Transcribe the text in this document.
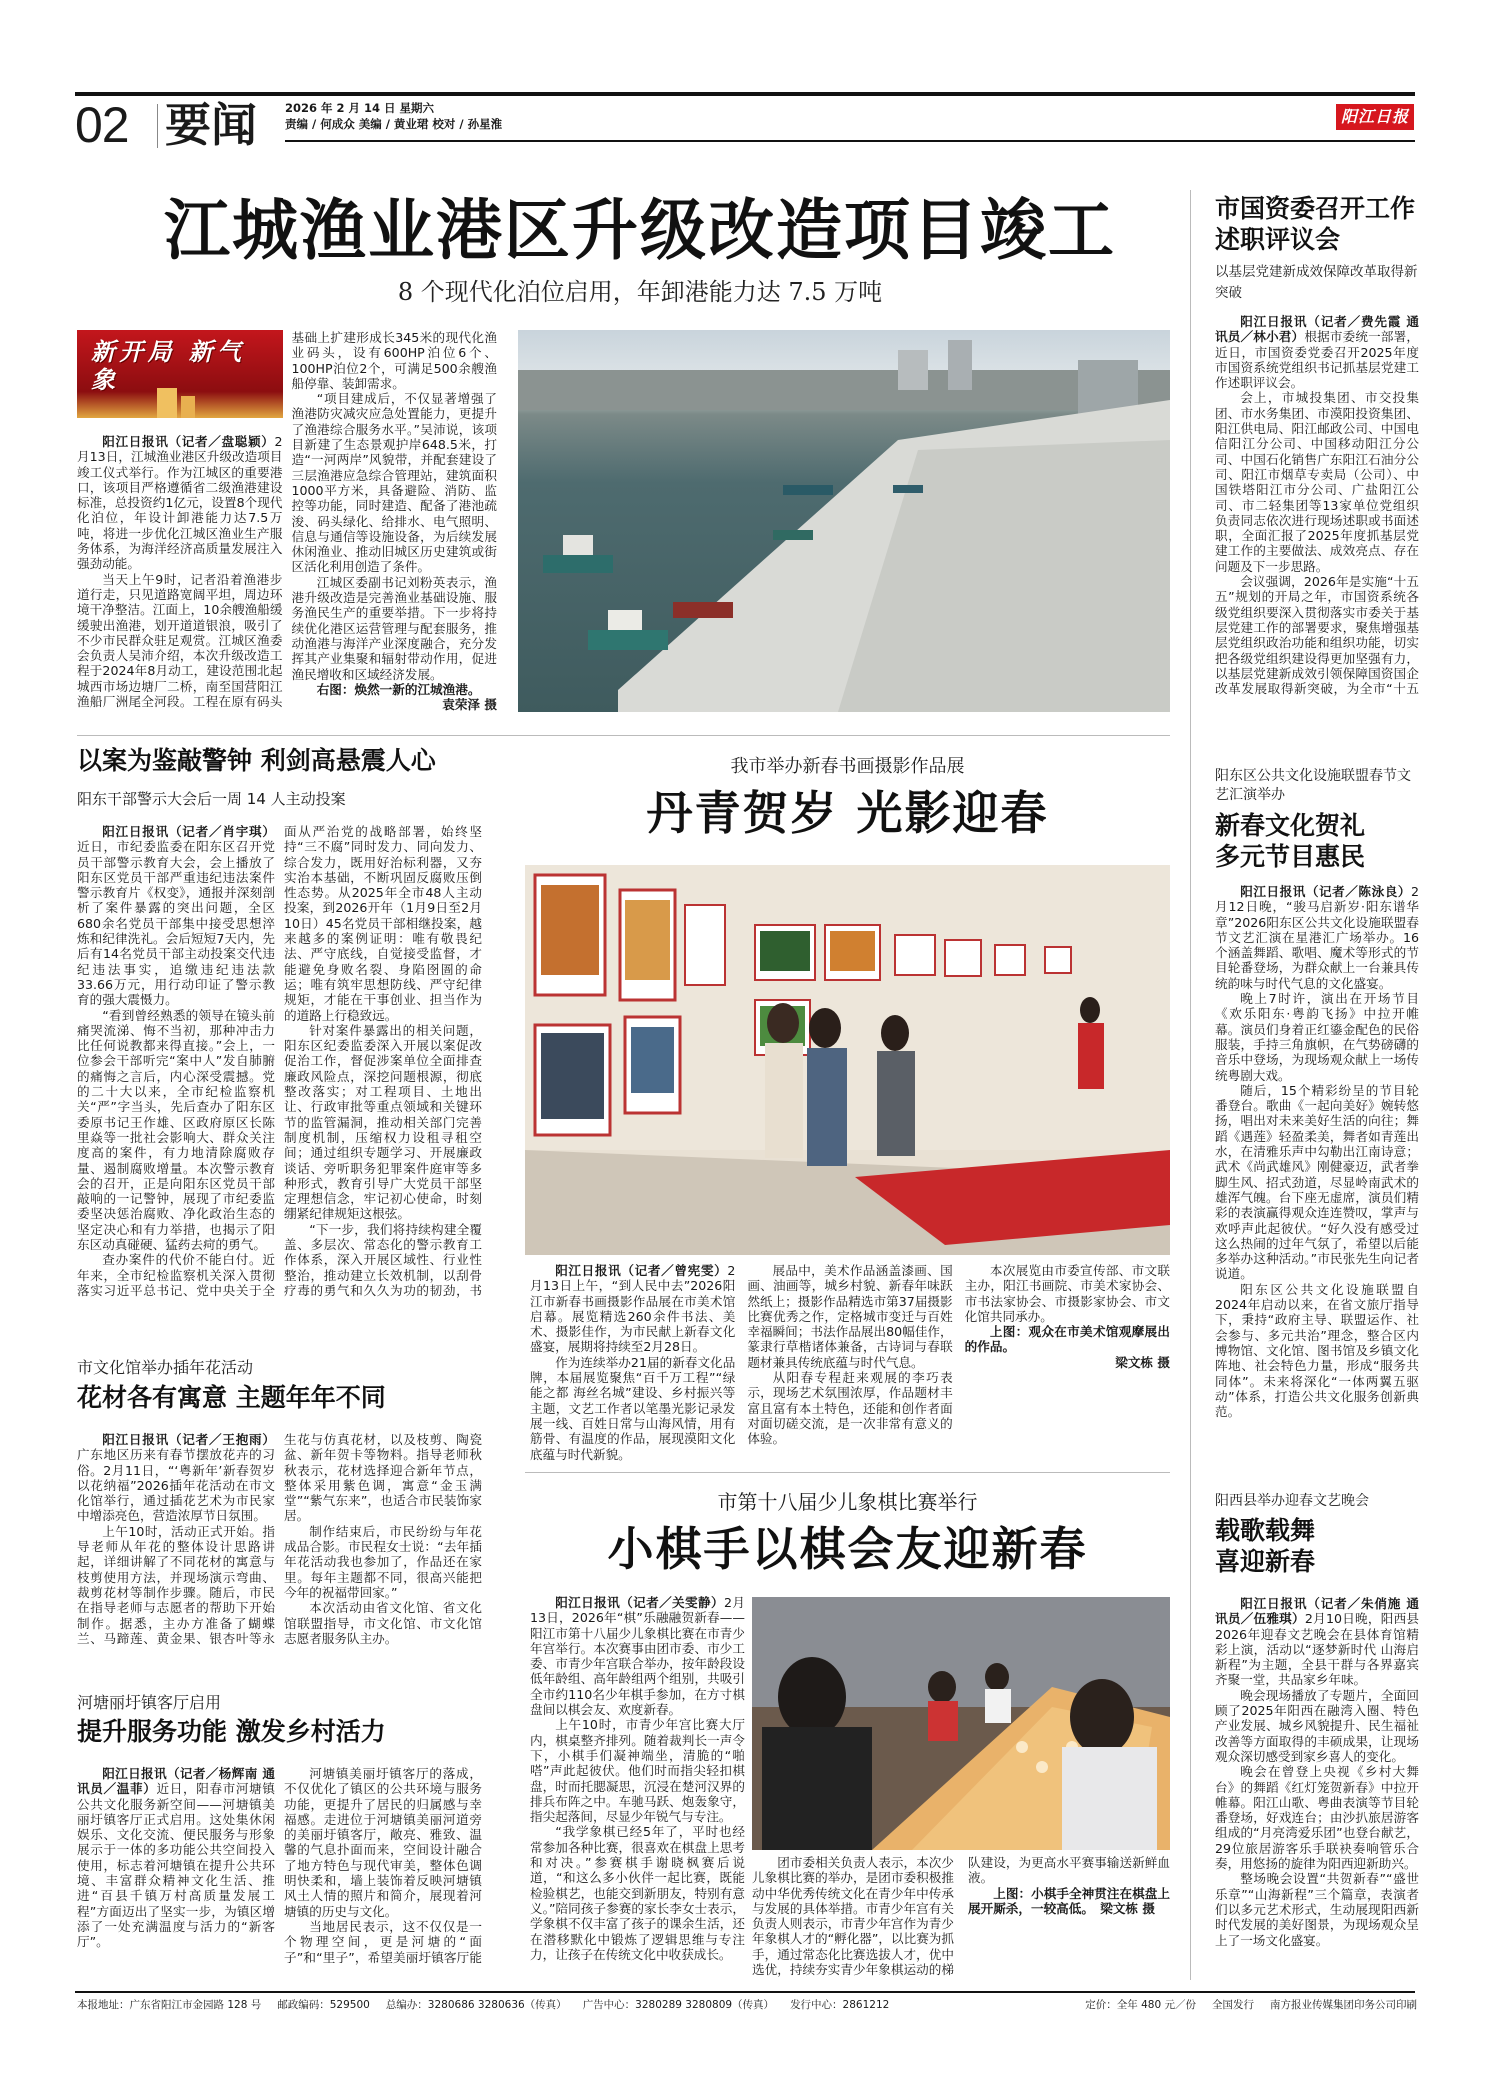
02 要闻 2026 年 2 月 14 日 星期六
责编 / 何成众 美编 / 黄业珺 校对 / 孙星淮	阳江日报
江城渔业港区升级改造项目竣工
8 个现代化泊位启用，年卸港能力达 7.5 万吨
新开局 新气象

阳江日报讯（记者／盘聪颖）2月13日，江城渔业港区升级改造项目竣工仪式举行。作为江城区的重要港口，该项目严格遵循省二级渔港建设标准，总投资约1亿元，设置8个现代化泊位，年设计卸港能力达7.5万吨，将进一步优化江城区渔业生产服务体系，为海洋经济高质量发展注入强劲动能。

当天上午9时，记者沿着渔港步道行走，只见道路宽阔平坦，周边环境干净整洁。江面上，10余艘渔船缓缓驶出渔港，划开道道银浪，吸引了不少市民群众驻足观赏。江城区渔委会负责人吴沛介绍，本次升级改造工程于2024年8月动工，建设范围北起城西市场边塘厂二桥，南至国营阳江渔船厂洲尾全河段。工程在原有码头基础上扩建形成长345米的现代化渔业码头，设有600HP泊位6个、100HP泊位2个，可满足500余艘渔船停靠、装卸需求。

“项目建成后，不仅显著增强了渔港防灾减灾应急处置能力，更提升了渔港综合服务水平。”吴沛说，该项目新建了生态景观护岸648.5米，打造“一河两岸”风貌带，并配套建设了三层渔港应急综合管理站，建筑面积1000平方米，具备避险、消防、监控等功能，同时建造、配备了港池疏浚、码头绿化、给排水、电气照明、信息与通信等设施设备，为后续发展休闲渔业、推动旧城区历史建筑或街区活化利用创造了条件。

江城区委副书记刘粉英表示，渔港升级改造是完善渔业基础设施、服务渔民生产的重要举措。下一步将持续优化港区运营管理与配套服务，推动渔港与海洋产业深度融合，充分发挥其产业集聚和辐射带动作用，促进渔民增收和区域经济发展。

右图：焕然一新的江城渔港。

袁荣泽 摄
市国资委召开工作述职评议会
以基层党建新成效保障改革取得新突破

阳江日报讯（记者／费先霞 通讯员／林小君）根据市委统一部署，近日，市国资委党委召开2025年度市国资系统党组织书记抓基层党建工作述职评议会。

会上，市城投集团、市交投集团、市水务集团、市漠阳投资集团、阳江供电局、阳江邮政公司、中国电信阳江分公司、中国移动阳江分公司、中国石化销售广东阳江石油分公司、阳江市烟草专卖局（公司）、中国铁塔阳江市分公司、广盐阳江公司、市二轻集团等13家单位党组织负责同志依次进行现场述职或书面述职，全面汇报了2025年度抓基层党建工作的主要做法、成效亮点、存在问题及下一步思路。

会议强调，2026年是实施“十五五”规划的开局之年，市国资系统各级党组织要深入贯彻落实市委关于基层党建工作的部署要求，聚焦增强基层党组织政治功能和组织功能，切实把各级党组织建设得更加坚强有力，以基层党建新成效引领保障国资国企改革发展取得新突破，为全市“十五

以案为鉴敲警钟 利剑高悬震人心
阳东干部警示大会后一周 14 人主动投案

阳江日报讯（记者／肖宇琪）近日，市纪委监委在阳东区召开党员干部警示教育大会，会上播放了阳东区党员干部严重违纪违法案件警示教育片《权变》，通报并深刻剖析了案件暴露的突出问题，全区680余名党员干部集中接受思想淬炼和纪律洗礼。会后短短7天内，先后有14名党员干部主动投案交代违纪违法事实，追缴违纪违法款33.66万元，用行动印证了警示教育的强大震慑力。

“看到曾经熟悉的领导在镜头前痛哭流涕、悔不当初，那种冲击力比任何说教都来得直接。”会上，一位参会干部听完“案中人”发自肺腑的痛悔之言后，内心深受震撼。党的二十大以来，全市纪检监察机关“严”字当头，先后查办了阳东区委原书记王作雄、区政府原区长陈里焱等一批社会影响大、群众关注度高的案件，有力地清除腐败存量、遏制腐败增量。本次警示教育会的召开，正是向阳东区党员干部敲响的一记警钟，展现了市纪委监委坚决惩治腐败、净化政治生态的坚定决心和有力举措，也揭示了阳东区动真碰硬、猛药去疴的勇气。

查办案件的代价不能白付。近年来，全市纪检监察机关深入贯彻落实习近平总书记、党中央关于全面从严治党的战略部署，始终坚持“三不腐”同时发力、同向发力、综合发力，既用好治标利器，又夯实治本基础，不断巩固反腐败压倒性态势。从2025年全市48人主动投案，到2026开年（1月9日至2月10日）45名党员干部相继投案，越来越多的案例证明：唯有敬畏纪法、严守底线，自觉接受监督，才能避免身败名裂、身陷囹圄的命运；唯有筑牢思想防线、严守纪律规矩，才能在干事创业、担当作为的道路上行稳致远。

针对案件暴露出的相关问题，阳东区纪委监委深入开展以案促改促治工作，督促涉案单位全面排查廉政风险点，深挖问题根源，彻底整改落实；对工程项目、土地出让、行政审批等重点领域和关键环节的监管漏洞，推动相关部门完善制度机制，压缩权力设租寻租空间；通过组织专题学习、开展廉政谈话、旁听职务犯罪案件庭审等多种形式，教育引导广大党员干部坚定理想信念，牢记初心使命，时刻绷紧纪律规矩这根弦。

“下一步，我们将持续构建全覆盖、多层次、常态化的警示教育工作体系，深入开展区域性、行业性整治，推动建立长效机制，以刮骨疗毒的勇气和久久为功的韧劲，书

市文化馆举办插年花活动
花材各有寓意 主题年年不同

阳江日报讯（记者／王抱雨）广东地区历来有春节摆放花卉的习俗。2月11日，“‘粤新年’新春贺岁 以花纳福”2026插年花活动在市文化馆举行，通过插花艺术为市民家中增添亮色，营造浓厚节日氛围。

上午10时，活动正式开始。指导老师从年花的整体设计思路讲起，详细讲解了不同花材的寓意与枝剪使用方法，并现场演示弯曲、裁剪花材等制作步骤。随后，市民在指导老师与志愿者的帮助下开始制作。据悉，主办方准备了蝴蝶兰、马蹄莲、黄金果、银杏叶等永生花与仿真花材，以及枝剪、陶瓷盆、新年贺卡等物料。指导老师秋秋表示，花材选择迎合新年节点，整体采用紫色调，寓意“金玉满堂”“紫气东来”，也适合市民装饰家居。

制作结束后，市民纷纷与年花成品合影。市民程女士说：“去年插年花活动我也参加了，作品还在家里。每年主题都不同，很高兴能把今年的祝福带回家。”

本次活动由省文化馆、省文化馆联盟指导，市文化馆、市文化馆志愿者服务队主办。

河塘丽圩镇客厅启用
提升服务功能 激发乡村活力

阳江日报讯（记者／杨辉南 通讯员／温菲）近日，阳春市河塘镇公共文化服务新空间——河塘镇美丽圩镇客厅正式启用。这处集休闲娱乐、文化交流、便民服务与形象展示于一体的多功能公共空间投入使用，标志着河塘镇在提升公共环境、丰富群众精神文化生活、推进“百县千镇万村高质量发展工程”方面迈出了坚实一步，为镇区增添了一处充满温度与活力的“新客厅”。

河塘镇美丽圩镇客厅的落成，不仅优化了镇区的公共环境与服务功能，更提升了居民的归属感与幸福感。走进位于河塘镇美丽河道旁的美丽圩镇客厅，敞亮、雅致、温馨的气息扑面而来，空间设计融合了地方特色与现代审美，整体色调明快柔和，墙上装饰着反映河塘镇风土人情的照片和简介，展现着河塘镇的历史与文化。

当地居民表示，这不仅仅是一个物理空间，更是河塘的“面子”和“里子”，希望美丽圩镇客厅能

我市举办新春书画摄影作品展
丹青贺岁 光影迎春

阳江日报讯（记者／曾宪雯）2月13日上午，“到人民中去”2026阳江市新春书画摄影作品展在市美术馆启幕。展览精选260余件书法、美术、摄影佳作，为市民献上新春文化盛宴，展期将持续至2月28日。

作为连续举办21届的新春文化品牌，本届展览聚焦“百千万工程”“绿能之都 海丝名城”建设、乡村振兴等主题，文艺工作者以笔墨光影记录发展一线、百姓日常与山海风情，用有筋骨、有温度的作品，展现漠阳文化底蕴与时代新貌。

展品中，美术作品涵盖漆画、国画、油画等，城乡村貌、新春年味跃然纸上；摄影作品精选市第37届摄影比赛优秀之作，定格城市变迁与百姓幸福瞬间；书法作品展出80幅佳作，篆隶行草楷诸体兼备，古诗词与春联题材兼具传统底蕴与时代气息。

从阳春专程赶来观展的李巧表示，现场艺术氛围浓厚，作品题材丰富且富有本土特色，还能和创作者面对面切磋交流，是一次非常有意义的体验。

本次展览由市委宣传部、市文联主办，阳江书画院、市美术家协会、市书法家协会、市摄影家协会、市文化馆共同承办。

上图：观众在市美术馆观摩展出的作品。

梁文栋 摄
市第十八届少儿象棋比赛举行
小棋手以棋会友迎新春

阳江日报讯（记者／关雯静）2月13日，2026年“棋”乐融融贺新春——阳江市第十八届少儿象棋比赛在市青少年宫举行。本次赛事由团市委、市少工委、市青少年宫联合举办，按年龄段设低年龄组、高年龄组两个组别，共吸引全市约110名少年棋手参加，在方寸棋盘间以棋会友、欢度新春。

上午10时，市青少年宫比赛大厅内，棋桌整齐排列。随着裁判长一声令下，小棋手们凝神端坐，清脆的“啪嗒”声此起彼伏。他们时而指尖轻扣棋盘，时而托腮凝思，沉浸在楚河汉界的排兵布阵之中。车驰马跃、炮轰象守，指尖起落间，尽显少年锐气与专注。

“我学象棋已经5年了，平时也经常参加各种比赛，很喜欢在棋盘上思考和对决。”参赛棋手谢晓枫赛后说道，“和这么多小伙伴一起比赛，既能检验棋艺，也能交到新朋友，特别有意义。”陪同孩子参赛的家长李女士表示，学象棋不仅丰富了孩子的课余生活，还在潜移默化中锻炼了逻辑思维与专注力，让孩子在传统文化中收获成长。

团市委相关负责人表示，本次少儿象棋比赛的举办，是团市委积极推动中华优秀传统文化在青少年中传承与发展的具体举措。市青少年宫有关负责人则表示，市青少年宫作为青少年象棋人才的“孵化器”，以比赛为抓手，通过常态化比赛选拔人才，优中选优，持续夯实青少年象棋运动的梯队建设，为更高水平赛事输送新鲜血液。

上图：小棋手全神贯注在棋盘上展开厮杀，一较高低。　 梁文栋 摄

阳东区公共文化设施联盟春节文艺汇演举办
新春文化贺礼 多元节目惠民

阳江日报讯（记者／陈泳良）2月12日晚，“骏马启新岁·阳东谱华章”2026阳东区公共文化设施联盟春节文艺汇演在星港汇广场举办。16个涵盖舞蹈、歌唱、魔术等形式的节目轮番登场，为群众献上一台兼具传统韵味与时代气息的文化盛宴。

晚上7时许，演出在开场节目《欢乐阳东·粤韵飞扬》中拉开帷幕。演员们身着正红鎏金配色的民俗服装，手持三角旗帜，在气势磅礴的音乐中登场，为现场观众献上一场传统粤剧大戏。

随后，15个精彩纷呈的节目轮番登台。歌曲《一起向美好》婉转悠扬，唱出对未来美好生活的向往；舞蹈《遇莲》轻盈柔美，舞者如青莲出水，在清雅乐声中勾勒出江南诗意；武术《尚武雄风》刚健豪迈，武者拳脚生风、招式劲道，尽显岭南武术的雄浑气魄。台下座无虚席，演员们精彩的表演赢得观众连连赞叹，掌声与欢呼声此起彼伏。“好久没有感受过这么热闹的过年气氛了，希望以后能多举办这种活动。”市民张先生向记者说道。

阳东区公共文化设施联盟自2024年启动以来，在省文旅厅指导下，秉持“政府主导、联盟运作、社会参与、多元共治”理念，整合区内博物馆、文化馆、图书馆及乡镇文化阵地、社会特色力量，形成“服务共同体”。未来将深化“一体两翼五驱动”体系，打造公共文化服务创新典范。

阳西县举办迎春文艺晚会
载歌载舞 喜迎新春

阳江日报讯（记者／朱俏施 通讯员／伍雅琪）2月10日晚，阳西县2026年迎春文艺晚会在县体育馆精彩上演，活动以“逐梦新时代 山海启新程”为主题，全县干群与各界嘉宾齐聚一堂，共品家乡年味。

晚会现场播放了专题片，全面回顾了2025年阳西在融湾入圈、特色产业发展、城乡风貌提升、民生福祉改善等方面取得的丰硕成果，让现场观众深切感受到家乡喜人的变化。

晚会在曾登上央视《乡村大舞台》的舞蹈《红灯笼贺新春》中拉开帷幕。阳江山歌、粤曲表演等节目轮番登场，好戏连台；由沙扒旅居游客组成的“月亮湾爱乐团”也登台献艺，29位旅居游客乐手联袂奏响管乐合奏，用悠扬的旋律为阳西迎新助兴。

整场晚会设置“共贺新春”“盛世乐章”“山海新程”三个篇章，表演者们以多元艺术形式，生动展现阳西新时代发展的美好图景，为现场观众呈上了一场文化盛宴。

本报地址：广东省阳江市金园路 128 号 邮政编码：529500 总编办：3280686 3280636（传真） 广告中心：3280289 3280809（传真） 发行中心：2861212	定价：全年 480 元／份 全国发行 南方报业传媒集团印务公司印刷
